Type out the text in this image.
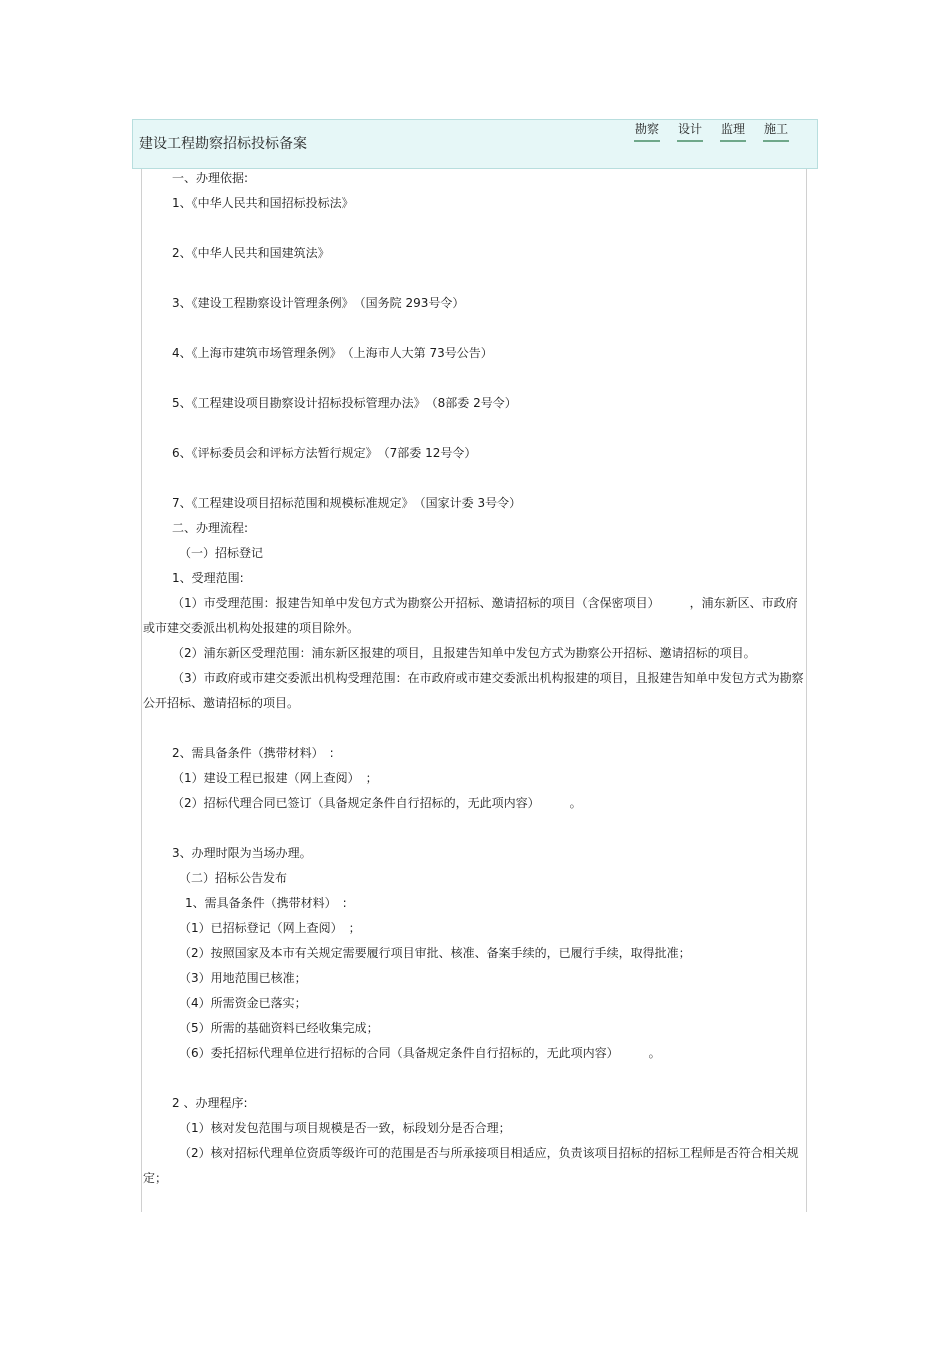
建设工程勘察招标投标备案
勘察 设计 监理 施工

一、办理依据:

1、《中华人民共和国招标投标法》

2、《中华人民共和国建筑法》

3、《建设工程勘察设计管理条例》　（国务院 293号令）

4、《上海市建筑市场管理条例》　（上海市人大第 73号公告）

5、《工程建设项目勘察设计招标投标管理办法》　（8部委 2号令）

6、《评标委员会和评标方法暂行规定》　（7部委 12号令）

7、《工程建设项目招标范围和规模标准规定》　（国家计委 3号令）

二、办理流程:

（一）招标登记

1、受理范围:

（1）市受理范围：报建告知单中发包方式为勘察公开招标、邀请招标的项目（含保密项目）　　　，浦东新区、市政府或市建交委派出机构处报建的项目除外。

（2）浦东新区受理范围：浦东新区报建的项目，且报建告知单中发包方式为勘察公开招标、邀请招标的项目。

（3）市政府或市建交委派出机构受理范围：在市政府或市建交委派出机构报建的项目，且报建告知单中发包方式为勘察公开招标、邀请招标的项目。

2、需具备条件（携带材料）　:

（1）建设工程已报建（网上查阅）　；

（2）招标代理合同已签订（具备规定条件自行招标的，无此项内容）　　　。

3、办理时限为当场办理。

（二）招标公告发布

1、需具备条件（携带材料）　:

（1）已招标登记（网上查阅）　；

（2）按照国家及本市有关规定需要履行项目审批、核准、备案手续的，已履行手续，取得批准；

（3）用地范围已核准；

（4）所需资金已落实；

（5）所需的基础资料已经收集完成；

（6）委托招标代理单位进行招标的合同（具备规定条件自行招标的，无此项内容）　　　。

2 、办理程序:

（1）核对发包范围与项目规模是否一致，标段划分是否合理；

（2）核对招标代理单位资质等级许可的范围是否与所承接项目相适应，负责该项目招标的招标工程师是否符合相关规定；
